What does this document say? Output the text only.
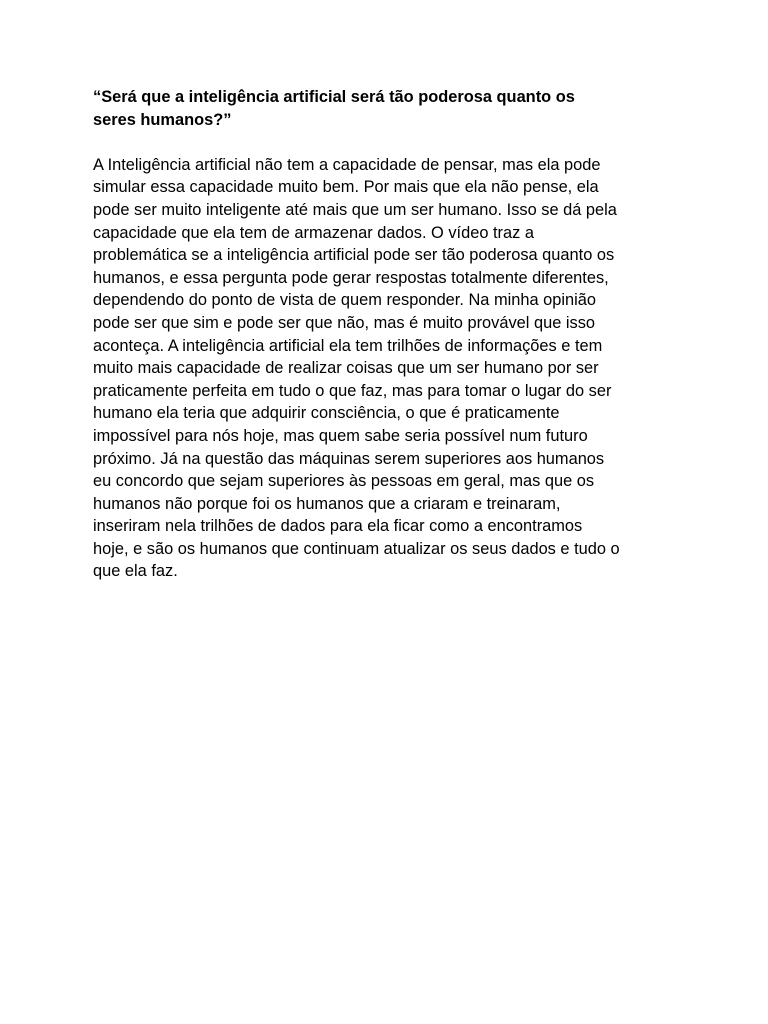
“Será que a inteligência artificial será tão poderosa quanto os
seres humanos?”

A Inteligência artificial não tem a capacidade de pensar, mas ela pode
simular essa capacidade muito bem. Por mais que ela não pense, ela
pode ser muito inteligente até mais que um ser humano. Isso se dá pela
capacidade que ela tem de armazenar dados. O vídeo traz a
problemática se a inteligência artificial pode ser tão poderosa quanto os
humanos, e essa pergunta pode gerar respostas totalmente diferentes,
dependendo do ponto de vista de quem responder. Na minha opinião
pode ser que sim e pode ser que não, mas é muito provável que isso
aconteça. A inteligência artificial ela tem trilhões de informações e tem
muito mais capacidade de realizar coisas que um ser humano por ser
praticamente perfeita em tudo o que faz, mas para tomar o lugar do ser
humano ela teria que adquirir consciência, o que é praticamente
impossível para nós hoje, mas quem sabe seria possível num futuro
próximo. Já na questão das máquinas serem superiores aos humanos
eu concordo que sejam superiores às pessoas em geral, mas que os
humanos não porque foi os humanos que a criaram e treinaram,
inseriram nela trilhões de dados para ela ficar como a encontramos
hoje, e são os humanos que continuam atualizar os seus dados e tudo o
que ela faz.
